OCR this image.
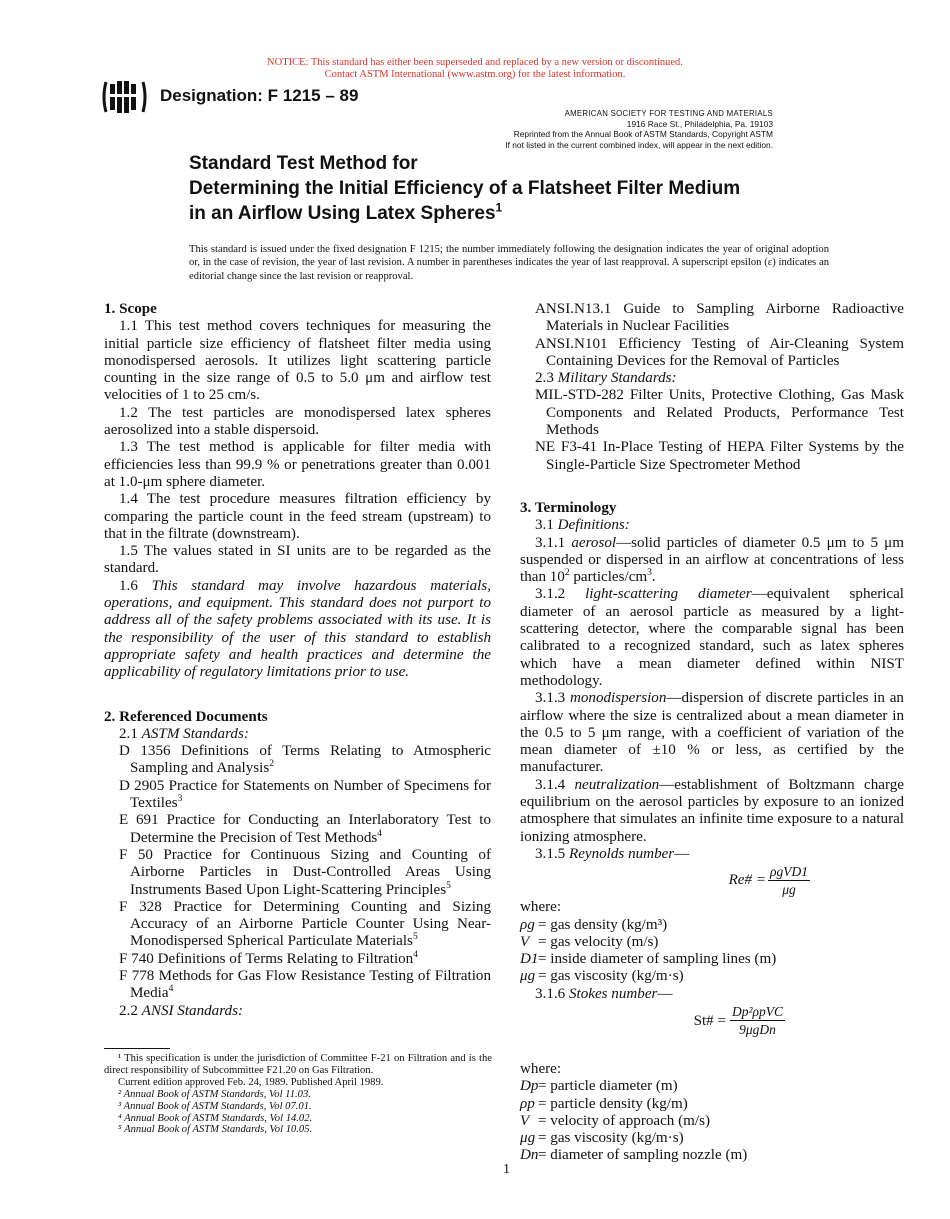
NOTICE: This standard has either been superseded and replaced by a new version or discontinued.
Contact ASTM International (www.astm.org) for the latest information.
Designation: F 1215 – 89
AMERICAN SOCIETY FOR TESTING AND MATERIALS
1916 Race St., Philadelphia, Pa. 19103
Reprinted from the Annual Book of ASTM Standards, Copyright ASTM
If not listed in the current combined index, will appear in the next edition.
Standard Test Method for
Determining the Initial Efficiency of a Flatsheet Filter Medium
in an Airflow Using Latex Spheres$^1$
This standard is issued under the fixed designation F 1215; the number immediately following the designation indicates the year of original adoption or, in the case of revision, the year of last revision. A number in parentheses indicates the year of last reapproval. A superscript epsilon (ε) indicates an editorial change since the last revision or reapproval.

1. Scope

1.1 This test method covers techniques for measuring the initial particle size efficiency of flatsheet filter media using monodispersed aerosols. It utilizes light scattering particle counting in the size range of 0.5 to 5.0 μm and airflow test velocities of 1 to 25 cm/s.

1.2 The test particles are monodispersed latex spheres aerosolized into a stable dispersoid.

1.3 The test method is applicable for filter media with efficiencies less than 99.9 % or penetrations greater than 0.001 at 1.0-μm sphere diameter.

1.4 The test procedure measures filtration efficiency by comparing the particle count in the feed stream (upstream) to that in the filtrate (downstream).

1.5 The values stated in SI units are to be regarded as the standard.

1.6 This standard may involve hazardous materials, operations, and equipment. This standard does not purport to address all of the safety problems associated with its use. It is the responsibility of the user of this standard to establish appropriate safety and health practices and determine the applicability of regulatory limitations prior to use.

2. Referenced Documents

2.1 ASTM Standards:

D 1356 Definitions of Terms Relating to Atmospheric Sampling and Analysis$^2$

D 2905 Practice for Statements on Number of Specimens for Textiles$^3$

E 691 Practice for Conducting an Interlaboratory Test to Determine the Precision of Test Methods$^4$

F 50 Practice for Continuous Sizing and Counting of Airborne Particles in Dust-Controlled Areas Using Instruments Based Upon Light-Scattering Principles$^5$

F 328 Practice for Determining Counting and Sizing Accuracy of an Airborne Particle Counter Using Near-Monodispersed Spherical Particulate Materials$^5$

F 740 Definitions of Terms Relating to Filtration$^4$

F 778 Methods for Gas Flow Resistance Testing of Filtration Media$^4$

2.2 ANSI Standards:

¹ This specification is under the jurisdiction of Committee F-21 on Filtration and is the direct responsibility of Subcommittee F21.20 on Gas Filtration.

Current edition approved Feb. 24, 1989. Published April 1989.

² Annual Book of ASTM Standards, Vol 11.03.

³ Annual Book of ASTM Standards, Vol 07.01.

⁴ Annual Book of ASTM Standards, Vol 14.02.

⁵ Annual Book of ASTM Standards, Vol 10.05.

ANSI.N13.1 Guide to Sampling Airborne Radioactive Materials in Nuclear Facilities

ANSI.N101 Efficiency Testing of Air-Cleaning System Containing Devices for the Removal of Particles

2.3 Military Standards:

MIL-STD-282 Filter Units, Protective Clothing, Gas Mask Components and Related Products, Performance Test Methods

NE F3-41 In-Place Testing of HEPA Filter Systems by the Single-Particle Size Spectrometer Method

3. Terminology

3.1 Definitions:

3.1.1 aerosol—solid particles of diameter 0.5 μm to 5 μm suspended or dispersed in an airflow at concentrations of less than $10^2$ particles/$cm^3$.

3.1.2 light-scattering diameter—equivalent spherical diameter of an aerosol particle as measured by a light-scattering detector, where the comparable signal has been calibrated to a recognized standard, such as latex spheres which have a mean diameter defined within NIST methodology.

3.1.3 monodispersion—dispersion of discrete particles in an airflow where the size is centralized about a mean diameter in the 0.5 to 5 μm range, with a coefficient of variation of the mean diameter of ±10 % or less, as certified by the manufacturer.

3.1.4 neutralization—establishment of Boltzmann charge equilibrium on the aerosol particles by exposure to an ionized atmosphere that simulates an infinite time exposure to a natural ionizing atmosphere.

3.1.5 Reynolds number—

Re# =
ρgVD1
μg

where:

ρg = gas density (kg/m³)
V = gas velocity (m/s)
D1 = inside diameter of sampling lines (m)
μg = gas viscosity (kg/m·s)

3.1.6 Stokes number—

St# =
Dp²ρpVC
9μgDn

where:

Dp = particle diameter (m)
ρp = particle density (kg/m)
V = velocity of approach (m/s)
μg = gas viscosity (kg/m·s)
Dn = diameter of sampling nozzle (m)
1
